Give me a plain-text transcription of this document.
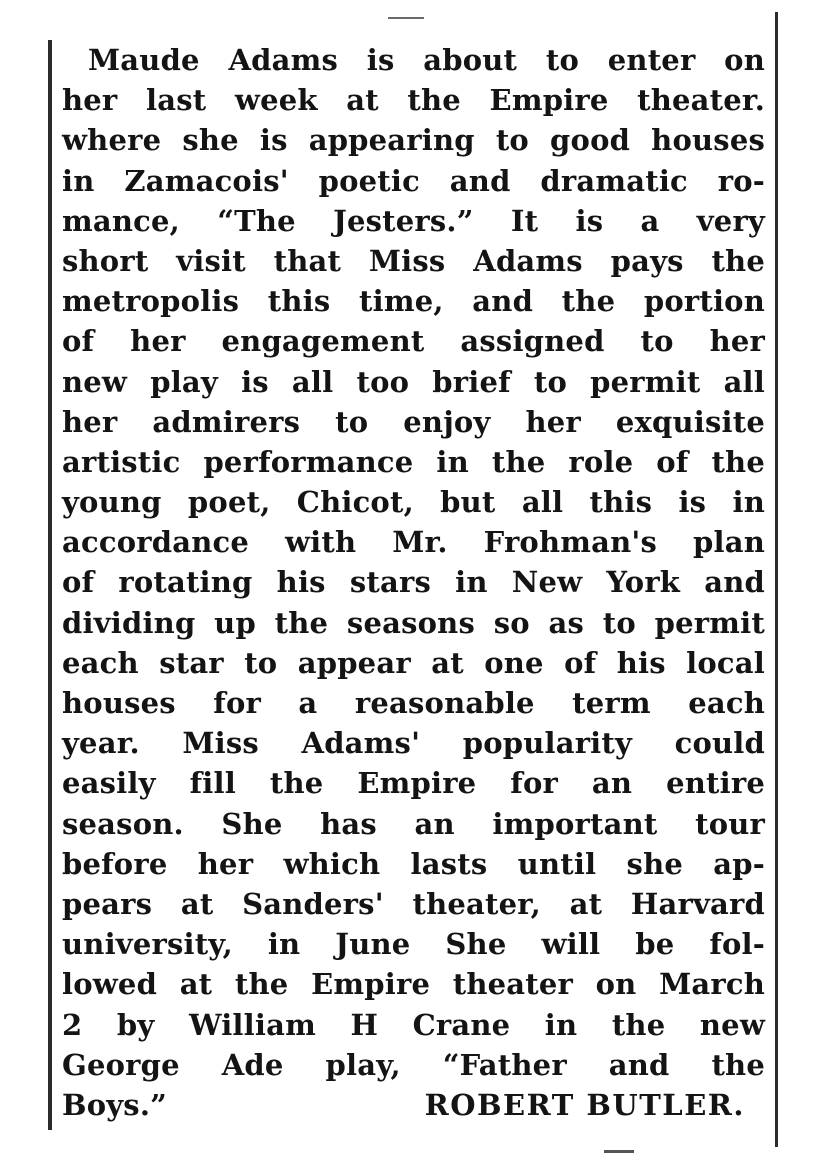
Maude Adams is about to enter on
her last week at the Empire theater.
where she is appearing to good houses
in Zamacois' poetic and dramatic ro-
mance, “The Jesters.” It is a very
short visit that Miss Adams pays the
metropolis this time, and the portion
of her engagement assigned to her
new play is all too brief to permit all
her admirers to enjoy her exquisite
artistic performance in the role of the
young poet, Chicot, but all this is in
accordance with Mr. Frohman's plan
of rotating his stars in New York and
dividing up the seasons so as to permit
each star to appear at one of his local
houses for a reasonable term each
year. Miss Adams' popularity could
easily fill the Empire for an entire
season. She has an important tour
before her which lasts until she ap-
pears at Sanders' theater, at Harvard
university, in June She will be fol-
lowed at the Empire theater on March
2 by William H Crane in the new
George Ade play, “Father and the
Boys.”	ROBERT BUTLER.
